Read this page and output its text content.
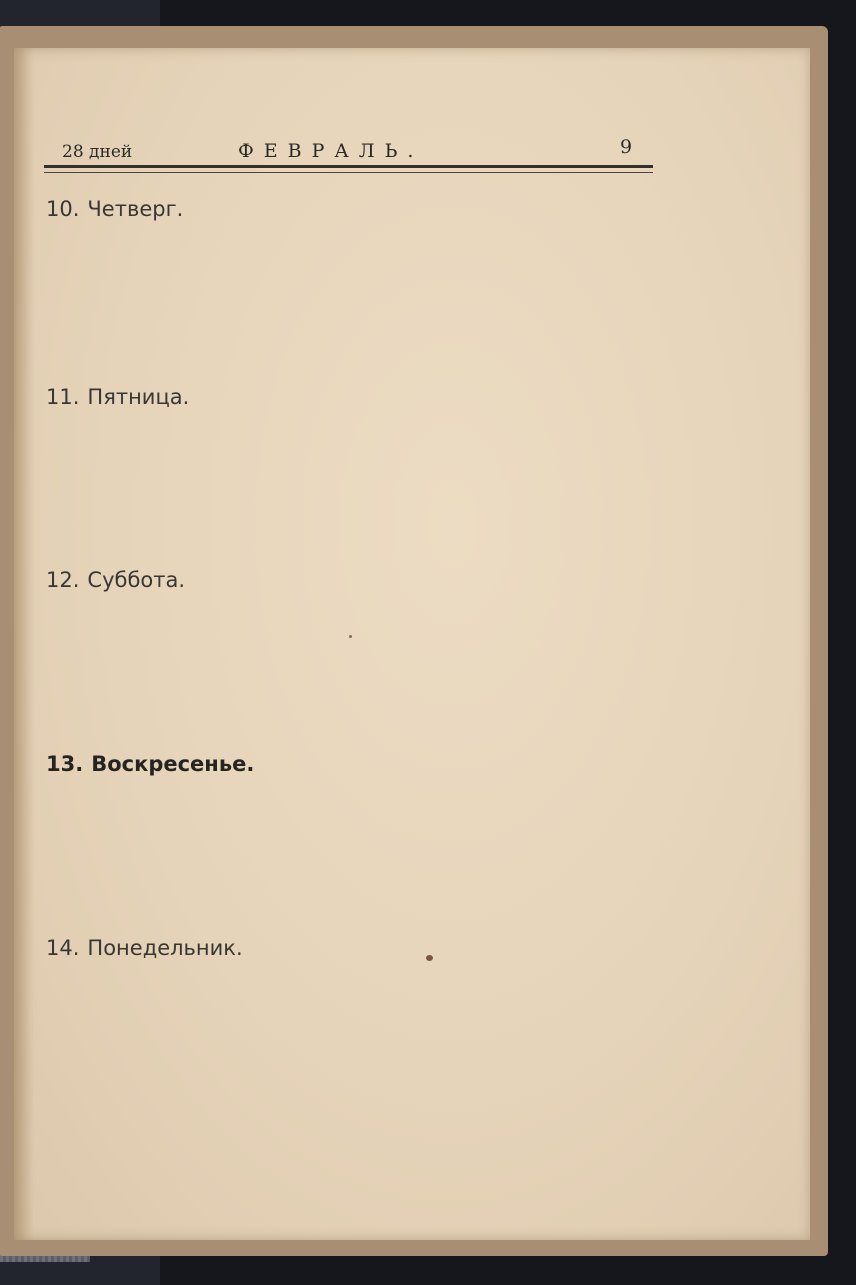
28 дней	ФЕВРАЛЬ.	9
10. Четверг.
11. Пятница.
12. Суббота.
13. Воскресенье.
14. Понедельник.
